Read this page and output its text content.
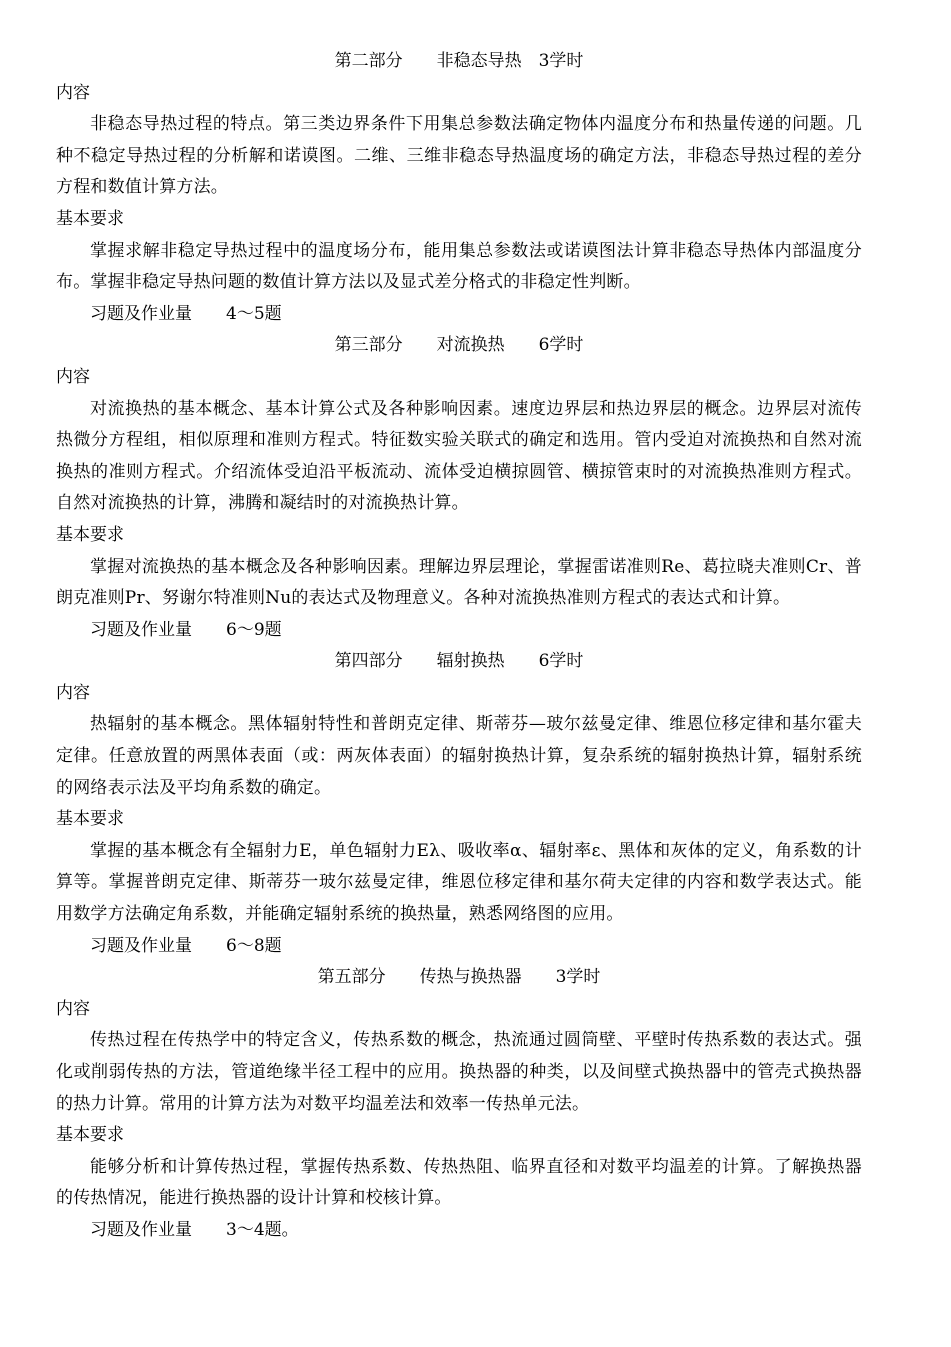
第二部分　　非稳态导热　3学时
内容
非稳态导热过程的特点。第三类边界条件下用集总参数法确定物体内温度分布和热量传递的问题。几种不稳定导热过程的分析解和诺谟图。二维、三维非稳态导热温度场的确定方法，非稳态导热过程的差分方程和数值计算方法。
基本要求
掌握求解非稳定导热过程中的温度场分布，能用集总参数法或诺谟图法计算非稳态导热体内部温度分布。掌握非稳定导热问题的数值计算方法以及显式差分格式的非稳定性判断。
习题及作业量　　4～5题
第三部分　　对流换热　　6学时
内容
对流换热的基本概念、基本计算公式及各种影响因素。速度边界层和热边界层的概念。边界层对流传热微分方程组，相似原理和准则方程式。特征数实验关联式的确定和选用。管内受迫对流换热和自然对流换热的准则方程式。介绍流体受迫沿平板流动、流体受迫横掠圆管、横掠管束时的对流换热准则方程式。自然对流换热的计算，沸腾和凝结时的对流换热计算。
基本要求
掌握对流换热的基本概念及各种影响因素。理解边界层理论，掌握雷诺准则Re、葛拉晓夫准则Cr、普朗克准则Pr、努谢尔特准则Nu的表达式及物理意义。各种对流换热准则方程式的表达式和计算。
习题及作业量　　6～9题
第四部分　　辐射换热　　6学时
内容
热辐射的基本概念。黑体辐射特性和普朗克定律、斯蒂芬—玻尔兹曼定律、维恩位移定律和基尔霍夫定律。任意放置的两黑体表面（或：两灰体表面）的辐射换热计算，复杂系统的辐射换热计算，辐射系统的网络表示法及平均角系数的确定。
基本要求
掌握的基本概念有全辐射力E，单色辐射力Eλ、吸收率α、辐射率ε、黑体和灰体的定义，角系数的计算等。掌握普朗克定律、斯蒂芬一玻尔兹曼定律，维恩位移定律和基尔荷夫定律的内容和数学表达式。能用数学方法确定角系数，并能确定辐射系统的换热量，熟悉网络图的应用。
习题及作业量　　6～8题
第五部分　　传热与换热器　　3学时
内容
传热过程在传热学中的特定含义，传热系数的概念，热流通过圆筒壁、平壁时传热系数的表达式。强化或削弱传热的方法，管道绝缘半径工程中的应用。换热器的种类，以及间壁式换热器中的管壳式换热器的热力计算。常用的计算方法为对数平均温差法和效率一传热单元法。
基本要求
能够分析和计算传热过程，掌握传热系数、传热热阻、临界直径和对数平均温差的计算。了解换热器的传热情况，能进行换热器的设计计算和校核计算。
习题及作业量　　3～4题。
